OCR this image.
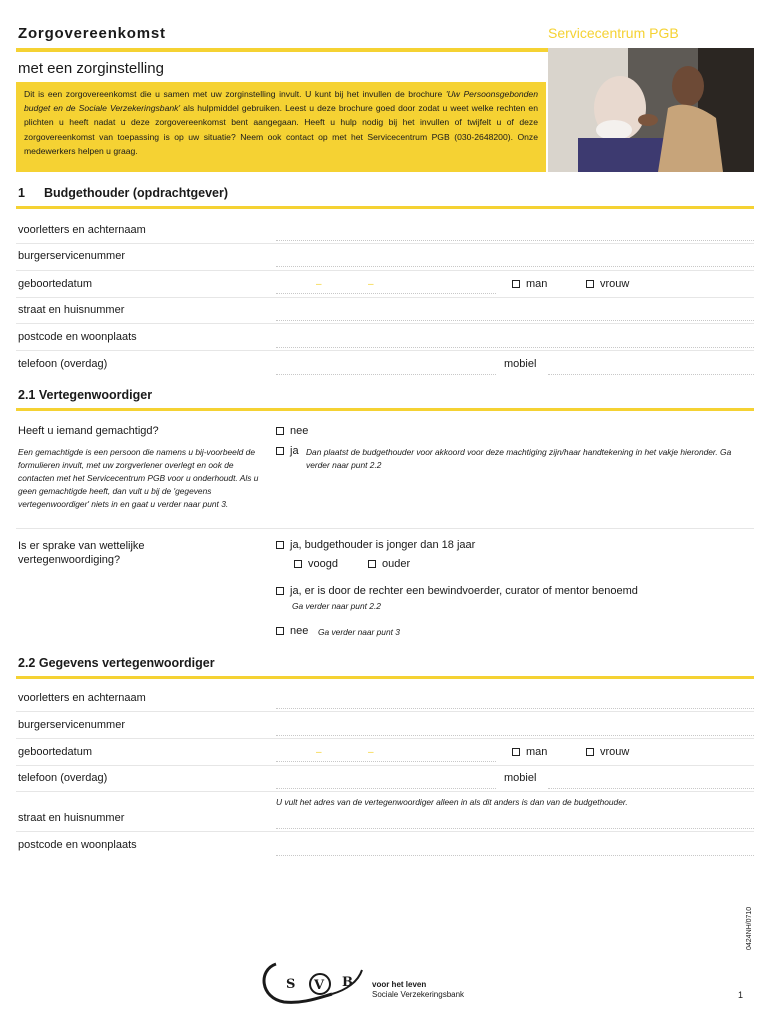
Zorgovereenkomst	Servicecentrum PGB
met een zorginstelling
Dit is een zorgovereenkomst die u samen met uw zorginstelling invult. U kunt bij het invullen de brochure 'Uw Persoonsgebonden budget en de Sociale Verzekeringsbank' als hulpmiddel gebruiken. Leest u deze brochure goed door zodat u weet welke rechten en plichten u heeft nadat u deze zorgovereenkomst bent aangegaan. Heeft u hulp nodig bij het invullen of twijfelt u of deze zorgovereenkomst van toepassing is op uw situatie? Neem ook contact op met het Servicecentrum PGB (030-2648200). Onze medewerkers helpen u graag.
1 Budgethouder (opdrachtgever)
voorletters en achternaam
burgerservicenummer
geboortedatum	–	–	man	vrouw
straat en huisnummer
postcode en woonplaats
telefoon (overdag)	mobiel
2.1 Vertegenwoordiger
Heeft u iemand gemachtigd?
Een gemachtigde is een persoon die namens u bij-voorbeeld de formulieren invult, met uw zorgverlener overlegt en ook de contacten met het Servicecentrum PGB voor u onderhoudt. Als u geen gemachtigde heeft, dan vult u bij de 'gegevens vertegenwoordiger' niets in en gaat u verder naar punt 3.
nee
ja Dan plaatst de budgethouder voor akkoord voor deze machtiging zijn/haar handtekening in het vakje hieronder. Ga verder naar punt 2.2
Is er sprake van wettelijke vertegenwoordiging?
ja, budgethouder is jonger dan 18 jaar
voogd	ouder
ja, er is door de rechter een bewindvoerder, curator of mentor benoemd
Ga verder naar punt 2.2
nee Ga verder naar punt 3
2.2 Gegevens vertegenwoordiger
voorletters en achternaam
burgerservicenummer
geboortedatum	–	–	man	vrouw
telefoon (overdag)	mobiel
U vult het adres van de vertegenwoordiger alleen in als dit anders is dan van de budgethouder.
straat en huisnummer
postcode en woonplaats
S V B voor het leven
Sociale Verzekeringsbank	1
0424NH/0710
